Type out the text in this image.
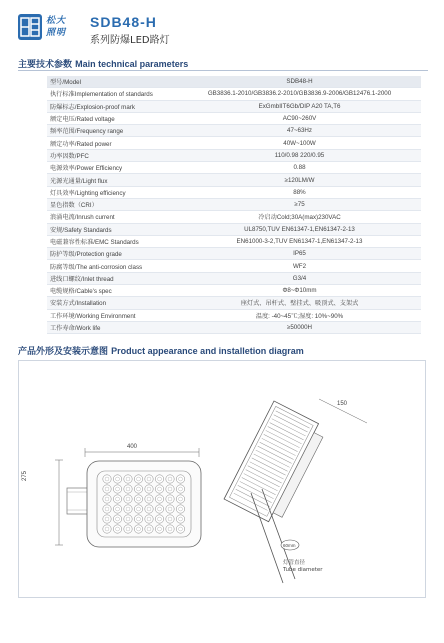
松大
照明
SDB48-H
系列防爆LED路灯
主要技术参数 Main technical parameters
型号/Model	SDB48-H
执行标准Implementation of standards	GB3836.1-2010/GB3836.2-2010/GB3836.9-2006/GB12476.1-2000
防爆标志/Explosion-proof mark	ExGmbIIT6Gb/DIP A20 TA,T6
额定电压/Rated voltage	AC90~260V
频率范围/Frequency range	47~63Hz
额定功率/Rated power	40W~100W
功率因数/PFC	110/0.98 220/0.95
电源效率/Power Efficiency	0.88
光源光通量/Light flux	≥120LM/W
灯具效率/Lighting efficiency	88%
显色指数（CRI）	≥75
浪涌电流/Inrush current	冷启动Cold;30A(max)230VAC
安规/Safety Standards	UL8750,TUV EN61347-1,EN61347-2-13
电磁兼容性标准/EMC Standards	EN61000-3-2,TUV EN61347-1,EN61347-2-13
防护等级/Protection grade	IP65
防腐等级/The anti-corrosion class	WF2
进线口螺纹/Inlet thread	G3/4
电缆规格/Cable's spec	Φ8~Φ10mm
安装方式/Installation	座灯式、吊杆式、壁挂式、吸顶式、支架式
工作环境/Working Environment	温度: -40~45℃;湿度: 10%~90%
工作寿命/Work life	≥50000H
产品外形及安装示意图 Product appearance and installetion diagram
400
150
60mm
275
灯管直径
Tube diameter
